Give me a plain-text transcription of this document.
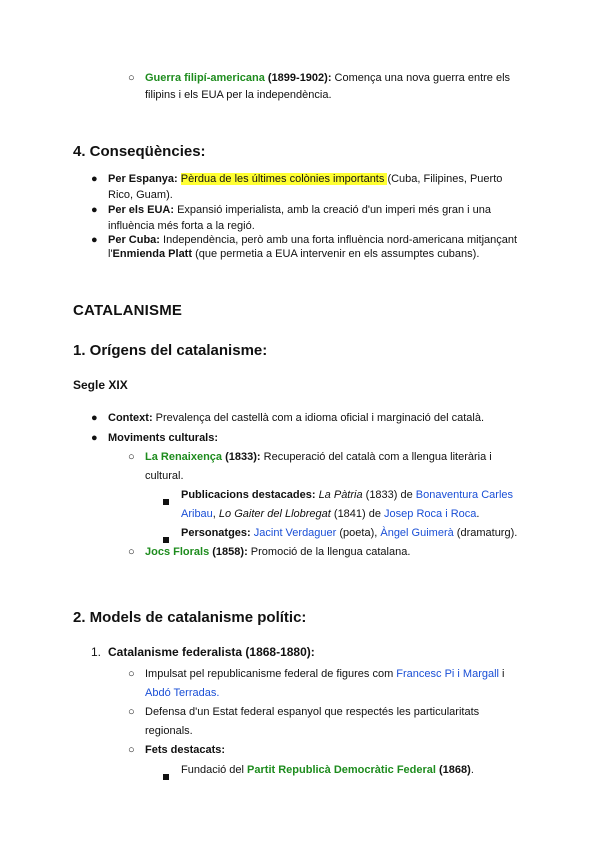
○ Guerra filipí-americana (1899-1902): Comença una nova guerra entre els
filipins i els EUA per la independència.
4. Conseqüències:
● Per Espanya: Pèrdua de les últimes colònies importants (Cuba, Filipines, Puerto
Rico, Guam).
● Per els EUA: Expansió imperialista, amb la creació d'un imperi més gran i una
influència més forta a la regió.
● Per Cuba: Independència, però amb una forta influència nord-americana mitjançant
l'Enmienda Platt (que permetia a EUA intervenir en els assumptes cubans).
CATALANISME
1. Orígens del catalanisme:
Segle XIX
● Context: Prevalença del castellà com a idioma oficial i marginació del català.
● Moviments culturals:
○ La Renaixença (1833): Recuperació del català com a llengua literària i
cultural.
Publicacions destacades: La Pàtria (1833) de Bonaventura Carles
Aribau, Lo Gaiter del Llobregat (1841) de Josep Roca i Roca.
Personatges: Jacint Verdaguer (poeta), Àngel Guimerà (dramaturg).
○ Jocs Florals (1858): Promoció de la llengua catalana.
2. Models de catalanisme polític:
1. Catalanisme federalista (1868-1880):
○ Impulsat pel republicanisme federal de figures com Francesc Pi i Margall i
Abdó Terradas.
○ Defensa d'un Estat federal espanyol que respectés les particularitats
regionals.
○ Fets destacats:
Fundació del Partit Republicà Democràtic Federal (1868).
